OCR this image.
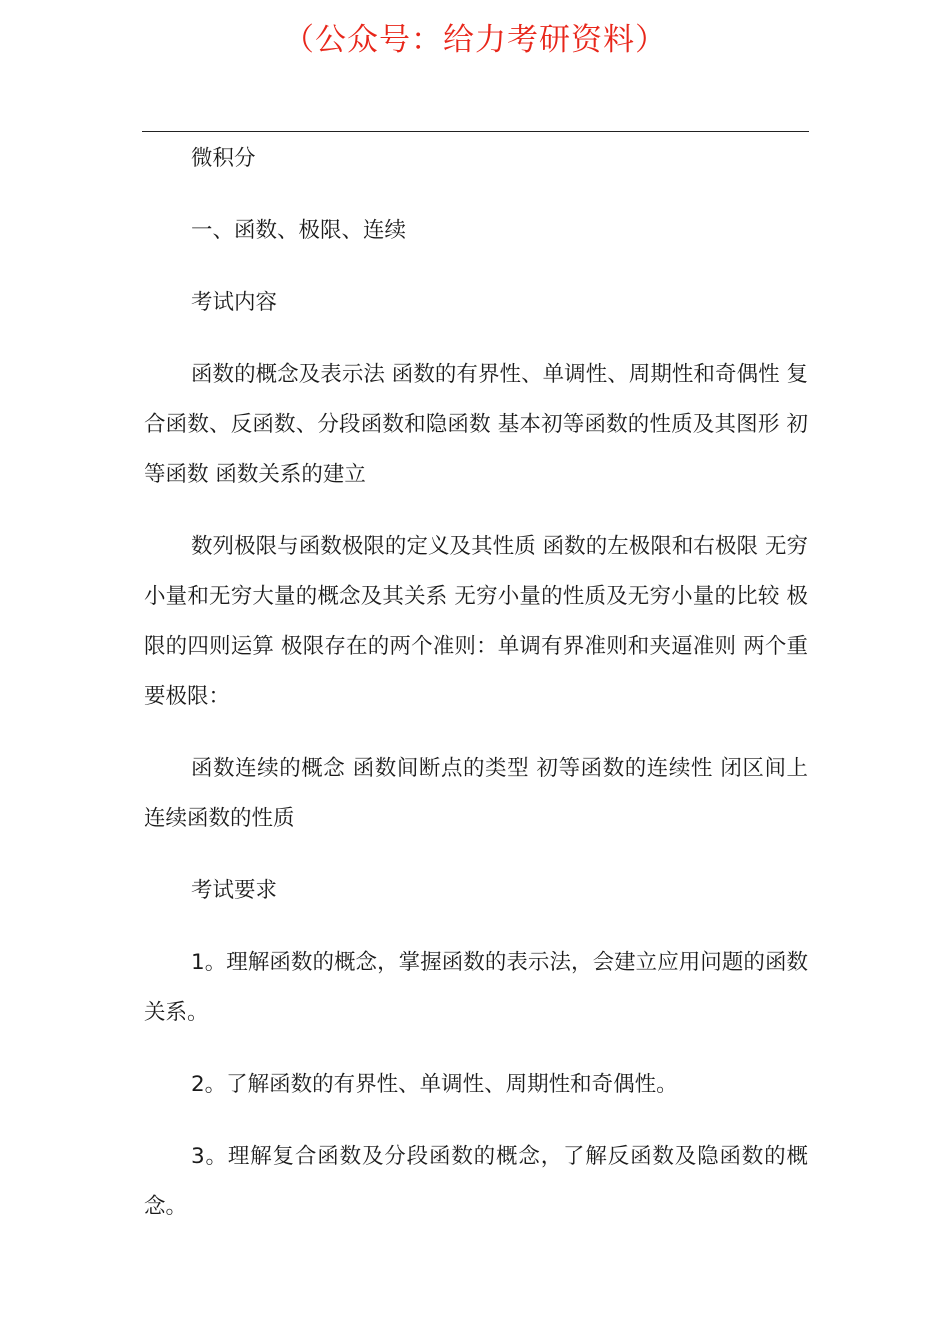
（公众号：给力考研资料）

微积分

一、函数、极限、连续

考试内容

函数的概念及表示法 函数的有界性、单调性、周期性和奇偶性 复合函数、反函数、分段函数和隐函数 基本初等函数的性质及其图形 初等函数 函数关系的建立

数列极限与函数极限的定义及其性质 函数的左极限和右极限 无穷小量和无穷大量的概念及其关系 无穷小量的性质及无穷小量的比较 极限的四则运算 极限存在的两个准则：单调有界准则和夹逼准则 两个重要极限：

函数连续的概念 函数间断点的类型 初等函数的连续性 闭区间上连续函数的性质

考试要求

1。理解函数的概念，掌握函数的表示法，会建立应用问题的函数关系。

2。了解函数的有界性、单调性、周期性和奇偶性。

3。理解复合函数及分段函数的概念，了解反函数及隐函数的概念。
